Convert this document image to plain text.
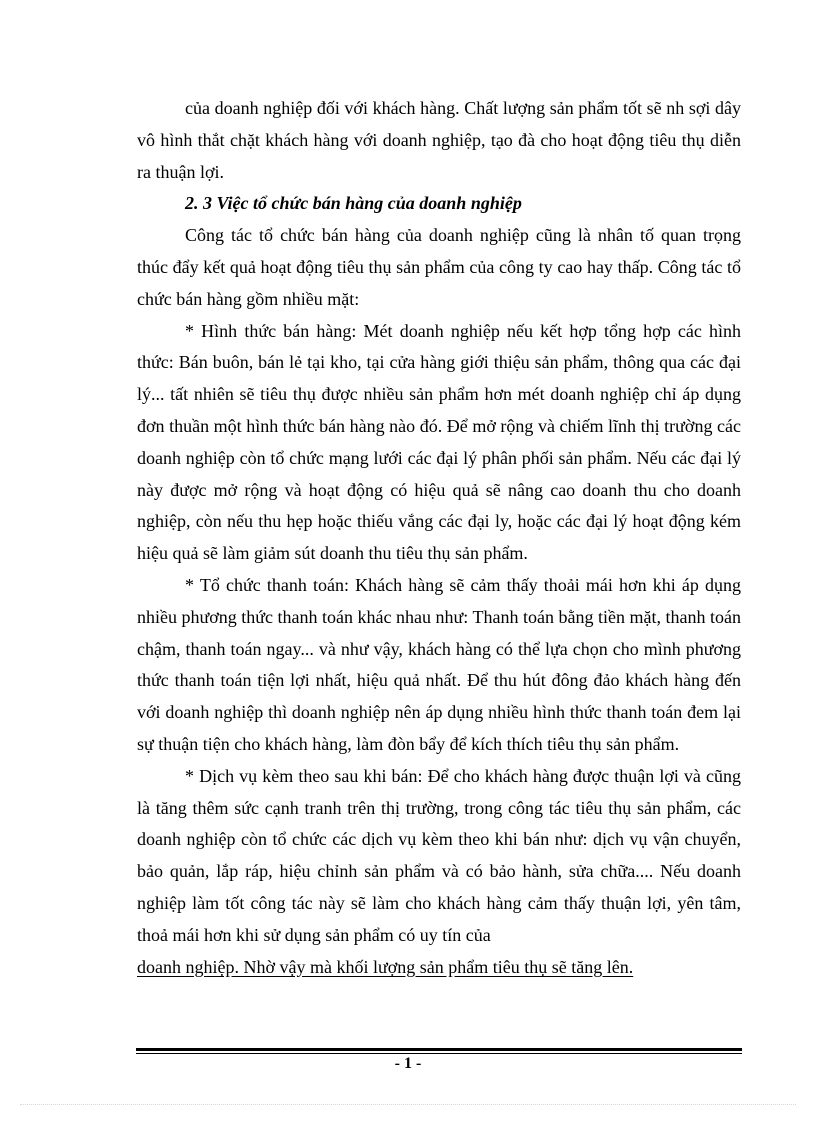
của doanh nghiệp đối với khách hàng. Chất lượng sản phẩm tốt sẽ nh sợi dây vô hình thắt chặt khách hàng với doanh nghiệp, tạo đà cho hoạt động tiêu thụ diễn ra thuận lợi.

2. 3 Việc tổ chức bán hàng của doanh nghiệp

Công tác tổ chức bán hàng của doanh nghiệp cũng là nhân tố quan trọng thúc đẩy kết quả hoạt động tiêu thụ sản phẩm của công ty cao hay thấp. Công tác tổ chức bán hàng gồm nhiều mặt:

* Hình thức bán hàng: Mét doanh nghiệp nếu kết hợp tổng hợp các hình thức: Bán buôn, bán lẻ tại kho, tại cửa hàng giới thiệu sản phẩm, thông qua các đại lý... tất nhiên sẽ tiêu thụ được nhiều sản phẩm hơn mét doanh nghiệp chỉ áp dụng đơn thuần một hình thức bán hàng nào đó. Để mở rộng và chiếm lĩnh thị trường các doanh nghiệp còn tổ chức mạng lưới các đại lý phân phối sản phẩm. Nếu các đại lý này được mở rộng và hoạt động có hiệu quả sẽ nâng cao doanh thu cho doanh nghiệp, còn nếu thu hẹp hoặc thiếu vắng các đại ly, hoặc các đại lý hoạt động kém hiệu quả sẽ làm giảm sút doanh thu tiêu thụ sản phẩm.

* Tổ chức thanh toán: Khách hàng sẽ cảm thấy thoải mái hơn khi áp dụng nhiều phương thức thanh toán khác nhau như: Thanh toán bằng tiền mặt, thanh toán chậm, thanh toán ngay... và như vậy, khách hàng có thể lựa chọn cho mình phương thức thanh toán tiện lợi nhất, hiệu quả nhất. Để thu hút đông đảo khách hàng đến với doanh nghiệp thì doanh nghiệp nên áp dụng nhiều hình thức thanh toán đem lại sự thuận tiện cho khách hàng, làm đòn bẩy để kích thích tiêu thụ sản phẩm.

* Dịch vụ kèm theo sau khi bán: Để cho khách hàng được thuận lợi và cũng là tăng thêm sức cạnh tranh trên thị trường, trong công tác tiêu thụ sản phẩm, các doanh nghiệp còn tổ chức các dịch vụ kèm theo khi bán như: dịch vụ vận chuyển, bảo quản, lắp ráp, hiệu chỉnh sản phẩm và có bảo hành, sửa chữa.... Nếu doanh nghiệp làm tốt công tác này sẽ làm cho khách hàng cảm thấy thuận lợi, yên tâm, thoả mái hơn khi sử dụng sản phẩm có uy tín của

doanh nghiệp. Nhờ vậy mà khối lượng sản phẩm tiêu thụ sẽ tăng lên.

- 1 -
